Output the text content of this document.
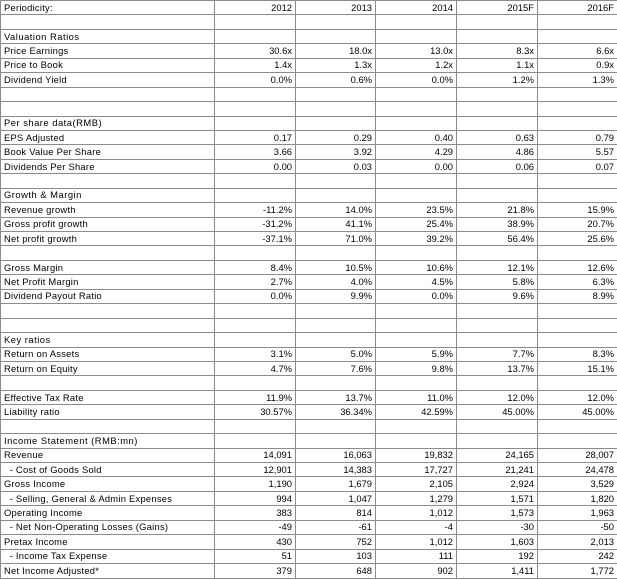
Periodicity:	2012	2013	2014	2015F	2016F

Valuation Ratios					
Price Earnings	30.6x	18.0x	13.0x	8.3x	6.6x
Price to Book	1.4x	1.3x	1.2x	1.1x	0.9x
Dividend Yield	0.0%	0.6%	0.0%	1.2%	1.3%

Per share data(RMB)					
EPS Adjusted	0.17	0.29	0.40	0.63	0.79
Book Value Per Share	3.66	3.92	4.29	4.86	5.57
Dividends Per Share	0.00	0.03	0.00	0.06	0.07

Growth & Margin					
Revenue growth	-11.2%	14.0%	23.5%	21.8%	15.9%
Gross profit growth	-31.2%	41.1%	25.4%	38.9%	20.7%
Net profit growth	-37.1%	71.0%	39.2%	56.4%	25.6%

Gross Margin	8.4%	10.5%	10.6%	12.1%	12.6%
Net Profit Margin	2.7%	4.0%	4.5%	5.8%	6.3%
Dividend Payout Ratio	0.0%	9.9%	0.0%	9.6%	8.9%

Key ratios					
Return on Assets	3.1%	5.0%	5.9%	7.7%	8.3%
Return on Equity	4.7%	7.6%	9.8%	13.7%	15.1%

Effective Tax Rate	11.9%	13.7%	11.0%	12.0%	12.0%
Liability ratio	30.57%	36.34%	42.59%	45.00%	45.00%

Income Statement (RMB:mn)					
Revenue	14,091	16,063	19,832	24,165	28,007
- Cost of Goods Sold	12,901	14,383	17,727	21,241	24,478
Gross Income	1,190	1,679	2,105	2,924	3,529
- Selling, General & Admin Expenses	994	1,047	1,279	1,571	1,820
Operating Income	383	814	1,012	1,573	1,963
- Net Non-Operating Losses (Gains)	-49	-61	-4	-30	-50
Pretax Income	430	752	1,012	1,603	2,013
- Income Tax Expense	51	103	111	192	242
Net Income Adjusted*	379	648	902	1,411	1,772
